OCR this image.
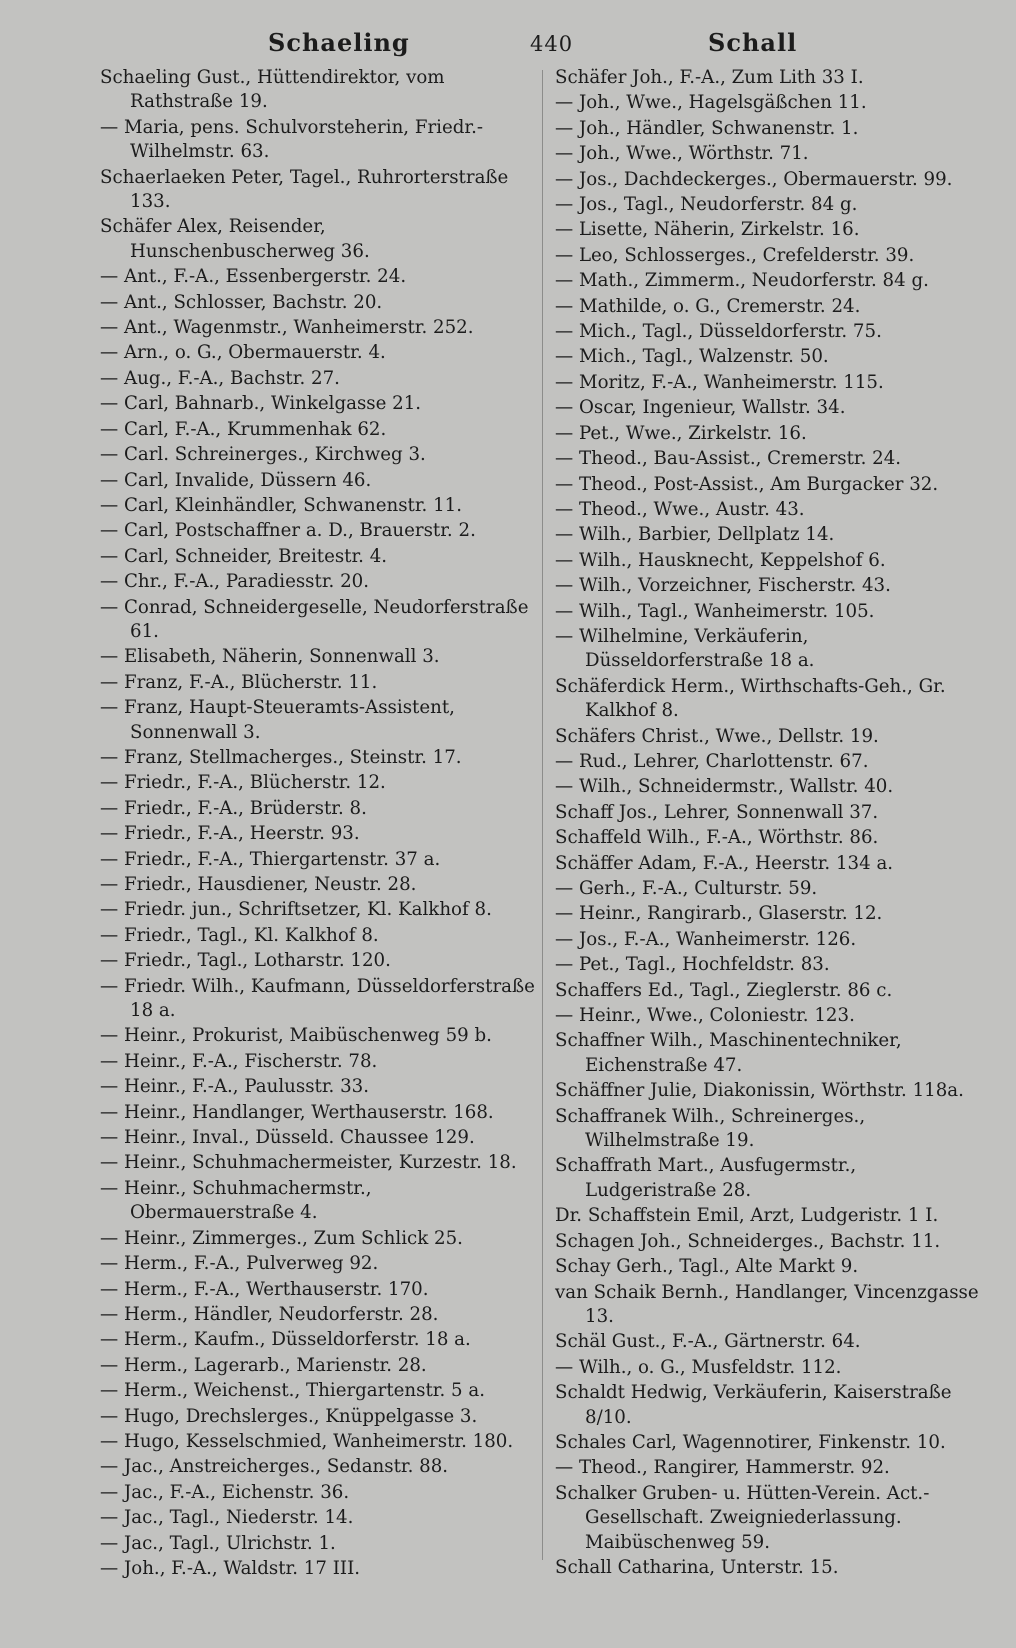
Schaeling	440	Schall
Schaeling Gust., Hüttendirektor, vom Rathstraße 19.
— Maria, pens. Schulvorsteherin, Friedr.-Wilhelmstr. 63.
Schaerlaeken Peter, Tagel., Ruhrorterstraße 133.
Schäfer Alex, Reisender, Hunschenbuscherweg 36.
— Ant., F.-A., Essenbergerstr. 24.
— Ant., Schlosser, Bachstr. 20.
— Ant., Wagenmstr., Wanheimerstr. 252.
— Arn., o. G., Obermauerstr. 4.
— Aug., F.-A., Bachstr. 27.
— Carl, Bahnarb., Winkelgasse 21.
— Carl, F.-A., Krummenhak 62.
— Carl. Schreinerges., Kirchweg 3.
— Carl, Invalide, Düssern 46.
— Carl, Kleinhändler, Schwanenstr. 11.
— Carl, Postschaffner a. D., Brauerstr. 2.
— Carl, Schneider, Breitestr. 4.
— Chr., F.-A., Paradiesstr. 20.
— Conrad, Schneidergeselle, Neudorferstraße 61.
— Elisabeth, Näherin, Sonnenwall 3.
— Franz, F.-A., Blücherstr. 11.
— Franz, Haupt-Steueramts-Assistent, Sonnenwall 3.
— Franz, Stellmacherges., Steinstr. 17.
— Friedr., F.-A., Blücherstr. 12.
— Friedr., F.-A., Brüderstr. 8.
— Friedr., F.-A., Heerstr. 93.
— Friedr., F.-A., Thiergartenstr. 37 a.
— Friedr., Hausdiener, Neustr. 28.
— Friedr. jun., Schriftsetzer, Kl. Kalkhof 8.
— Friedr., Tagl., Kl. Kalkhof 8.
— Friedr., Tagl., Lotharstr. 120.
— Friedr. Wilh., Kaufmann, Düsseldorferstraße 18 a.
— Heinr., Prokurist, Maibüschenweg 59 b.
— Heinr., F.-A., Fischerstr. 78.
— Heinr., F.-A., Paulusstr. 33.
— Heinr., Handlanger, Werthauserstr. 168.
— Heinr., Inval., Düsseld. Chaussee 129.
— Heinr., Schuhmachermeister, Kurzestr. 18.
— Heinr., Schuhmachermstr., Obermauerstraße 4.
— Heinr., Zimmerges., Zum Schlick 25.
— Herm., F.-A., Pulverweg 92.
— Herm., F.-A., Werthauserstr. 170.
— Herm., Händler, Neudorferstr. 28.
— Herm., Kaufm., Düsseldorferstr. 18 a.
— Herm., Lagerarb., Marienstr. 28.
— Herm., Weichenst., Thiergartenstr. 5 a.
— Hugo, Drechslerges., Knüppelgasse 3.
— Hugo, Kesselschmied, Wanheimerstr. 180.
— Jac., Anstreicherges., Sedanstr. 88.
— Jac., F.-A., Eichenstr. 36.
— Jac., Tagl., Niederstr. 14.
— Jac., Tagl., Ulrichstr. 1.
— Joh., F.-A., Waldstr. 17 III.
Schäfer Joh., F.-A., Zum Lith 33 I.
— Joh., Wwe., Hagelsgäßchen 11.
— Joh., Händler, Schwanenstr. 1.
— Joh., Wwe., Wörthstr. 71.
— Jos., Dachdeckerges., Obermauerstr. 99.
— Jos., Tagl., Neudorferstr. 84 g.
— Lisette, Näherin, Zirkelstr. 16.
— Leo, Schlosserges., Crefelderstr. 39.
— Math., Zimmerm., Neudorferstr. 84 g.
— Mathilde, o. G., Cremerstr. 24.
— Mich., Tagl., Düsseldorferstr. 75.
— Mich., Tagl., Walzenstr. 50.
— Moritz, F.-A., Wanheimerstr. 115.
— Oscar, Ingenieur, Wallstr. 34.
— Pet., Wwe., Zirkelstr. 16.
— Theod., Bau-Assist., Cremerstr. 24.
— Theod., Post-Assist., Am Burgacker 32.
— Theod., Wwe., Austr. 43.
— Wilh., Barbier, Dellplatz 14.
— Wilh., Hausknecht, Keppelshof 6.
— Wilh., Vorzeichner, Fischerstr. 43.
— Wilh., Tagl., Wanheimerstr. 105.
— Wilhelmine, Verkäuferin, Düsseldorferstraße 18 a.
Schäferdick Herm., Wirthschafts-Geh., Gr. Kalkhof 8.
Schäfers Christ., Wwe., Dellstr. 19.
— Rud., Lehrer, Charlottenstr. 67.
— Wilh., Schneidermstr., Wallstr. 40.
Schaff Jos., Lehrer, Sonnenwall 37.
Schaffeld Wilh., F.-A., Wörthstr. 86.
Schäffer Adam, F.-A., Heerstr. 134 a.
— Gerh., F.-A., Culturstr. 59.
— Heinr., Rangirarb., Glaserstr. 12.
— Jos., F.-A., Wanheimerstr. 126.
— Pet., Tagl., Hochfeldstr. 83.
Schaffers Ed., Tagl., Zieglerstr. 86 c.
— Heinr., Wwe., Coloniestr. 123.
Schaffner Wilh., Maschinentechniker, Eichenstraße 47.
Schäffner Julie, Diakonissin, Wörthstr. 118a.
Schaffranek Wilh., Schreinerges., Wilhelmstraße 19.
Schaffrath Mart., Ausfugermstr., Ludgeristraße 28.
Dr. Schaffstein Emil, Arzt, Ludgeristr. 1 I.
Schagen Joh., Schneiderges., Bachstr. 11.
Schay Gerh., Tagl., Alte Markt 9.
van Schaik Bernh., Handlanger, Vincenzgasse 13.
Schäl Gust., F.-A., Gärtnerstr. 64.
— Wilh., o. G., Musfeldstr. 112.
Schaldt Hedwig, Verkäuferin, Kaiserstraße 8/10.
Schales Carl, Wagennotirer, Finkenstr. 10.
— Theod., Rangirer, Hammerstr. 92.
Schalker Gruben- u. Hütten-Verein. Act.-Gesellschaft. Zweigniederlassung. Maibüschenweg 59.
Schall Catharina, Unterstr. 15.
